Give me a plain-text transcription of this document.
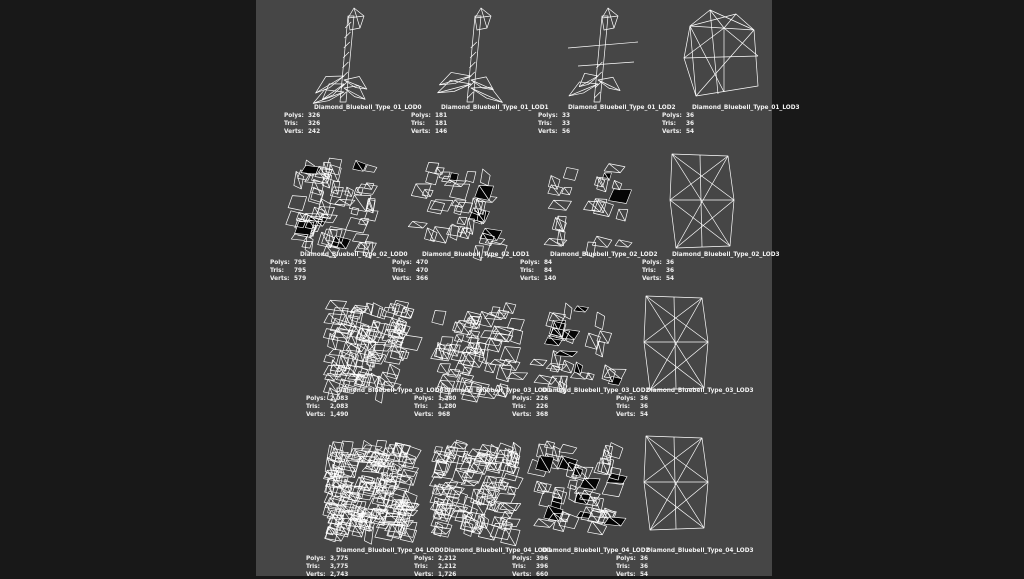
Diamond_Bluebell_Type_01_LOD0
Polys: 326
Tris: 326
Verts: 242
Diamond_Bluebell_Type_01_LOD1
Polys: 181
Tris: 181
Verts: 146
Diamond_Bluebell_Type_01_LOD2
Polys: 33
Tris: 33
Verts: 56
Diamond_Bluebell_Type_01_LOD3
Polys: 36
Tris: 36
Verts: 54
Diamond_Bluebell_Type_02_LOD0
Polys: 795
Tris: 795
Verts: 579
Diamond_Bluebell_Type_02_LOD1
Polys: 470
Tris: 470
Verts: 366
Diamond_Bluebell_Type_02_LOD2
Polys: 84
Tris: 84
Verts: 140
Diamond_Bluebell_Type_02_LOD3
Polys: 36
Tris: 36
Verts: 54
Diamond_Bluebell_Type_03_LOD0
Polys: 2,083
Tris: 2,083
Verts: 1,490
Diamond_Bluebell_Type_03_LOD1
Polys: 1,280
Tris: 1,280
Verts: 968
Diamond_Bluebell_Type_03_LOD2
Polys: 226
Tris: 226
Verts: 368
Diamond_Bluebell_Type_03_LOD3
Polys: 36
Tris: 36
Verts: 54
Diamond_Bluebell_Type_04_LOD0
Polys: 3,775
Tris: 3,775
Verts: 2,743
Diamond_Bluebell_Type_04_LOD1
Polys: 2,212
Tris: 2,212
Verts: 1,726
Diamond_Bluebell_Type_04_LOD2
Polys: 396
Tris: 396
Verts: 660
Diamond_Bluebell_Type_04_LOD3
Polys: 36
Tris: 36
Verts: 54
